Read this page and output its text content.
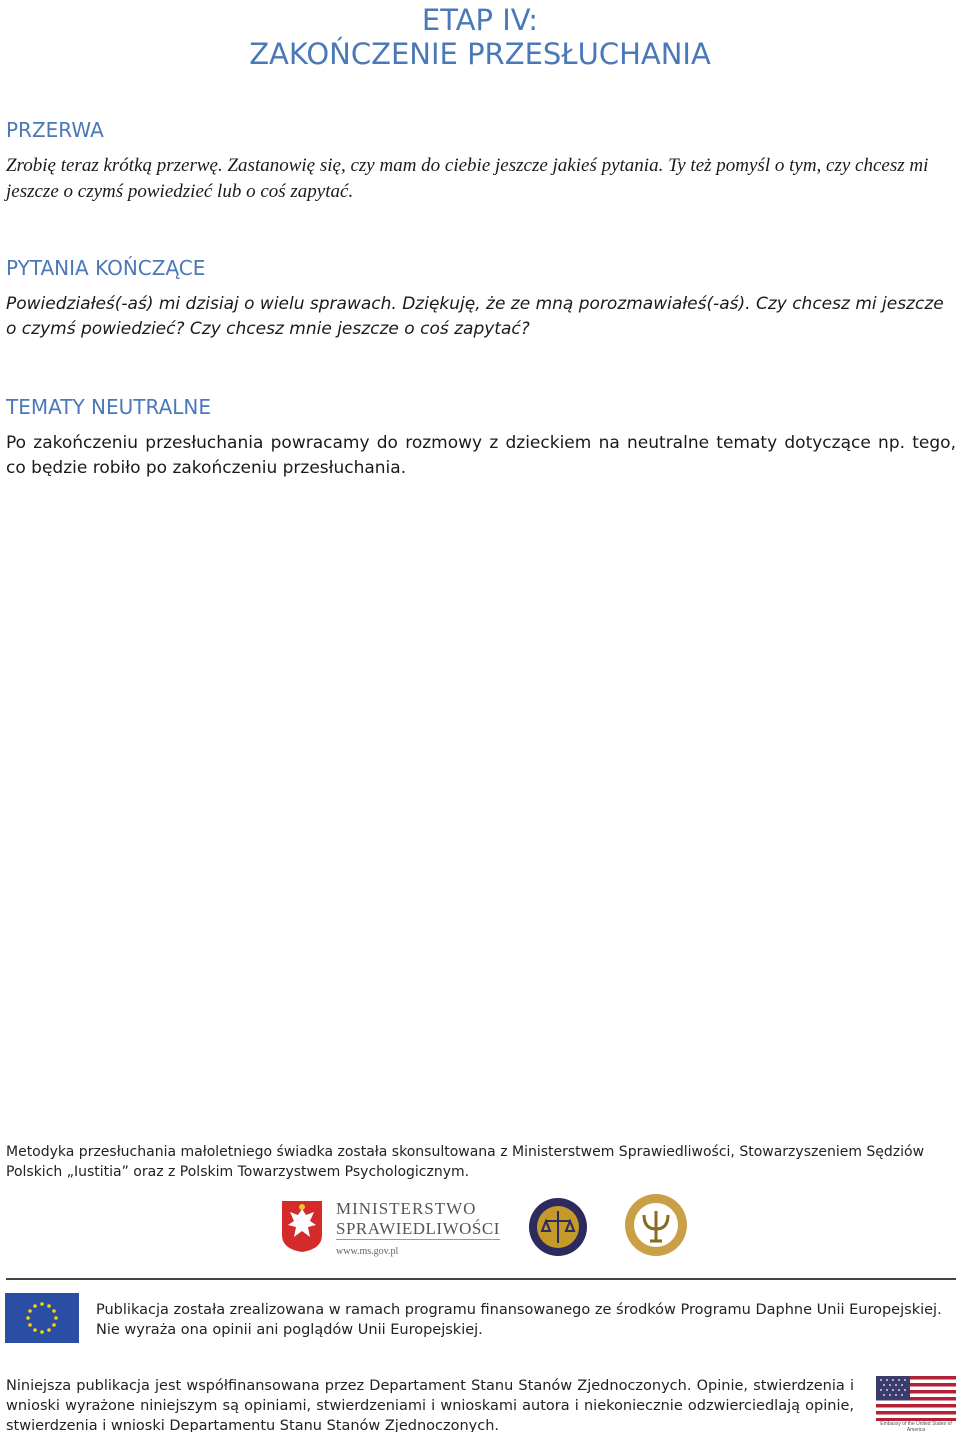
ETAP IV:
ZAKOŃCZENIE PRZESŁUCHANIA
PRZERWA
Zrobię teraz krótką przerwę. Zastanowię się, czy mam do ciebie jeszcze jakieś pytania. Ty też pomyśl o tym, czy chcesz mi jeszcze o czymś powiedzieć lub o coś zapytać.
PYTANIA KOŃCZĄCE
Powiedziałeś(-aś) mi dzisiaj o wielu sprawach. Dziękuję, że ze mną porozmawiałeś(-aś). Czy chcesz mi jeszcze o czymś powiedzieć? Czy chcesz mnie jeszcze o coś zapytać?
TEMATY NEUTRALNE
Po zakończeniu przesłuchania powracamy do rozmowy z dzieckiem na neutralne tematy dotyczące np. tego, co będzie robiło po zakończeniu przesłuchania.
Metodyka przesłuchania małoletniego świadka została skonsultowana z Ministerstwem Sprawiedliwości, Stowarzyszeniem Sędziów Polskich „Iustitia” oraz z Polskim Towarzystwem Psychologicznym.
MINISTERSTWO
SPRAWIEDLIWOŚCI
www.ms.gov.pl
Publikacja została zrealizowana w ramach programu finansowanego ze środków Programu Daphne Unii Europejskiej. Nie wyraża ona opinii ani poglądów Unii Europejskiej.
Niniejsza publikacja jest współfinansowana przez Departament Stanu Stanów Zjednoczonych. Opinie, stwierdzenia i wnioski wyrażone niniejszym są opiniami, stwierdzeniami i wnioskami autora i niekoniecznie odzwierciedlają opinie, stwierdzenia i wnioski Departamentu Stanu Stanów Zjednoczonych.	Embassy of the United States of America
